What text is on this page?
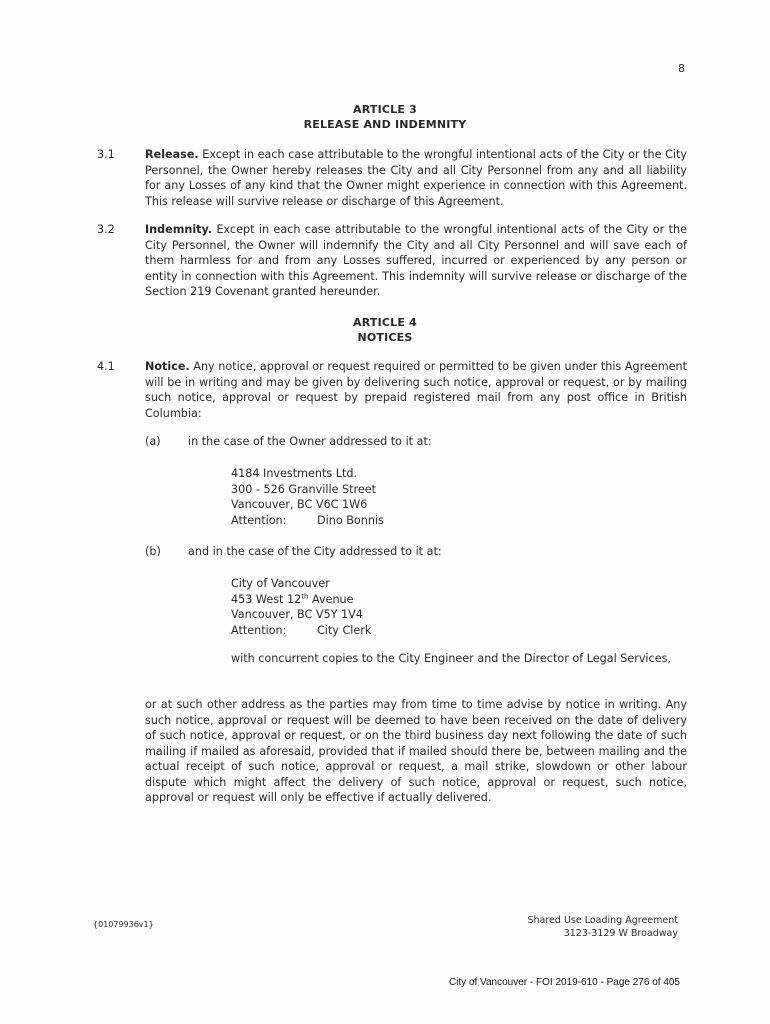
8
ARTICLE 3
RELEASE AND INDEMNITY
3.1	Release. Except in each case attributable to the wrongful intentional acts of the City or the City Personnel, the Owner hereby releases the City and all City Personnel from any and all liability for any Losses of any kind that the Owner might experience in connection with this Agreement. This release will survive release or discharge of this Agreement.
3.2	Indemnity. Except in each case attributable to the wrongful intentional acts of the City or the City Personnel, the Owner will indemnify the City and all City Personnel and will save each of them harmless for and from any Losses suffered, incurred or experienced by any person or entity in connection with this Agreement. This indemnity will survive release or discharge of the Section 219 Covenant granted hereunder.
ARTICLE 4
NOTICES
4.1	Notice. Any notice, approval or request required or permitted to be given under this Agreement will be in writing and may be given by delivering such notice, approval or request, or by mailing such notice, approval or request by prepaid registered mail from any post office in British Columbia:
(a) in the case of the Owner addressed to it at:
4184 Investments Ltd.
300 - 526 Granville Street
Vancouver, BC V6C 1W6
Attention:	Dino Bonnis
(b) and in the case of the City addressed to it at:
City of Vancouver
453 West 12th Avenue
Vancouver, BC V5Y 1V4
Attention:	City Clerk
with concurrent copies to the City Engineer and the Director of Legal Services,
or at such other address as the parties may from time to time advise by notice in writing. Any such notice, approval or request will be deemed to have been received on the date of delivery of such notice, approval or request, or on the third business day next following the date of such mailing if mailed as aforesaid, provided that if mailed should there be, between mailing and the actual receipt of such notice, approval or request, a mail strike, slowdown or other labour dispute which might affect the delivery of such notice, approval or request, such notice, approval or request will only be effective if actually delivered.
{01079936v1}	Shared Use Loading Agreement
3123-3129 W Broadway
City of Vancouver - FOI 2019-610 - Page 276 of 405
